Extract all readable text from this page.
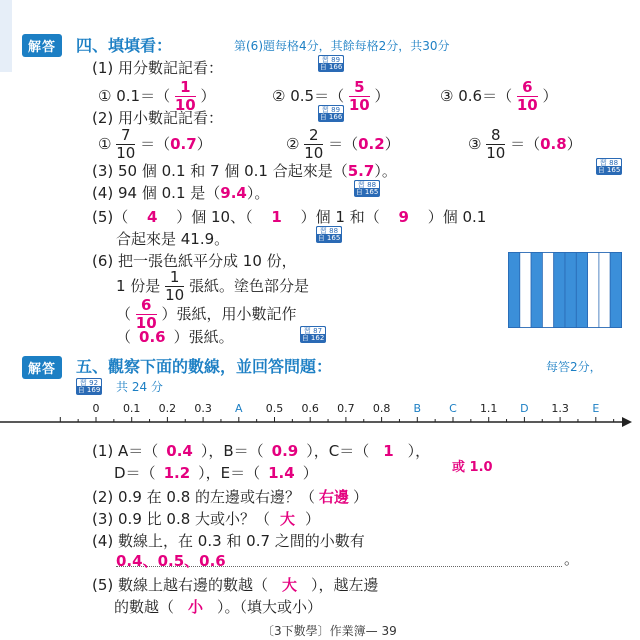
解答	四、填填看：	第(6)題每格4分，其餘每格2分，共30分
(1) 用分數記記看：	習 89
自 166
① $0.1=( \frac{1}{10}$ ）	② $0.5=( \frac{5}{10}$ ）	③ $0.6=( \frac{6}{10}$ ）
(2) 用小數記記看：	習 89
自 166
① $\frac{7}{10} =(0.7)$	② $\frac{2}{10} =(0.2)$	③ $\frac{8}{10} =(0.8)$
(3) 50 個 0.1 和 7 個 0.1 合起來是（5.7）。	習 88
自 165
(4) 94 個 0.1 是（9.4）。	習 88
自 165
(5)（ 4 ）個 10、（ 1 ）個 1 和（ 9 ）個 0.1
合起來是 41.9。	習 88
自 165
(6) 把一張色紙平分成 10 份，
1 份是 $\frac{1}{10}$ 張紙。塗色部分是
（ $\frac{6}{10}$ ）張紙，用小數記作
（ 0.6 ）張紙。	習 87
自 162
解答	五、觀察下面的數線，並回答問題：	每答2分，
習 92
自 169 共 24 分
0 0.1 0.2 0.3 A 0.5 0.6 0.7 0.8 B	C 1.1 D 1.3 E
(1) A＝（ 0.4 ），B＝（ 0.9 ），C＝（ 1 ），
D＝（ 1.2 ），E＝（ 1.4 ）	或 1.0
(2) 0.9 在 0.8 的左邊或右邊？（ 右邊 ）
(3) 0.9 比 0.8 大或小？（ 大 ）
(4) 數線上，在 0.3 和 0.7 之間的小數有
0.4、0.5、0.6	。
(5) 數線上越右邊的數越（ 大 ），越左邊
的數越（ 小 ）。（填大或小）
〔3下數學〕作業簿— 39
